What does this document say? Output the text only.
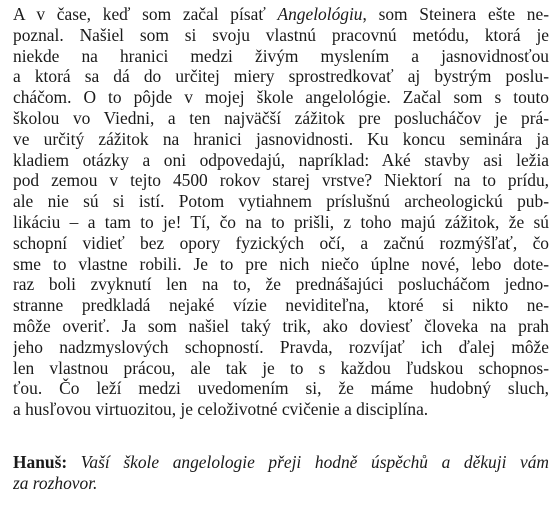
A v čase, keď som začal písať Angelológiu, som Steinera ešte ne-
poznal. Našiel som si svoju vlastnú pracovnú metódu, ktorá je
niekde na hranici medzi živým myslením a jasnovidnosťou
a ktorá sa dá do určitej miery sprostredkovať aj bystrým poslu-
cháčom. O to pôjde v mojej škole angelológie. Začal som s touto
školou vo Viedni, a ten najväčší zážitok pre poslucháčov je prá-
ve určitý zážitok na hranici jasnovidnosti. Ku koncu seminára ja
kladiem otázky a oni odpovedajú, napríklad: Aké stavby asi ležia
pod zemou v tejto 4500 rokov starej vrstve? Niektorí na to prídu,
ale nie sú si istí. Potom vytiahnem príslušnú archeologickú pub-
likáciu – a tam to je! Tí, čo na to prišli, z toho majú zážitok, že sú
schopní vidieť bez opory fyzických očí, a začnú rozmýšľať, čo
sme to vlastne robili. Je to pre nich niečo úplne nové, lebo dote-
raz boli zvyknutí len na to, že prednášajúci poslucháčom jedno-
stranne predkladá nejaké vízie neviditeľna, ktoré si nikto ne-
môže overiť. Ja som našiel taký trik, ako doviesť človeka na prah
jeho nadzmyslových schopností. Pravda, rozvíjať ich ďalej môže
len vlastnou prácou, ale tak je to s každou ľudskou schopnos-
ťou. Čo leží medzi uvedomením si, že máme hudobný sluch,
a husľovou virtuozitou, je celoživotné cvičenie a disciplína.
Hanuš: Vaší škole angelologie přeji hodně úspěchů a děkuji vám
za rozhovor.
